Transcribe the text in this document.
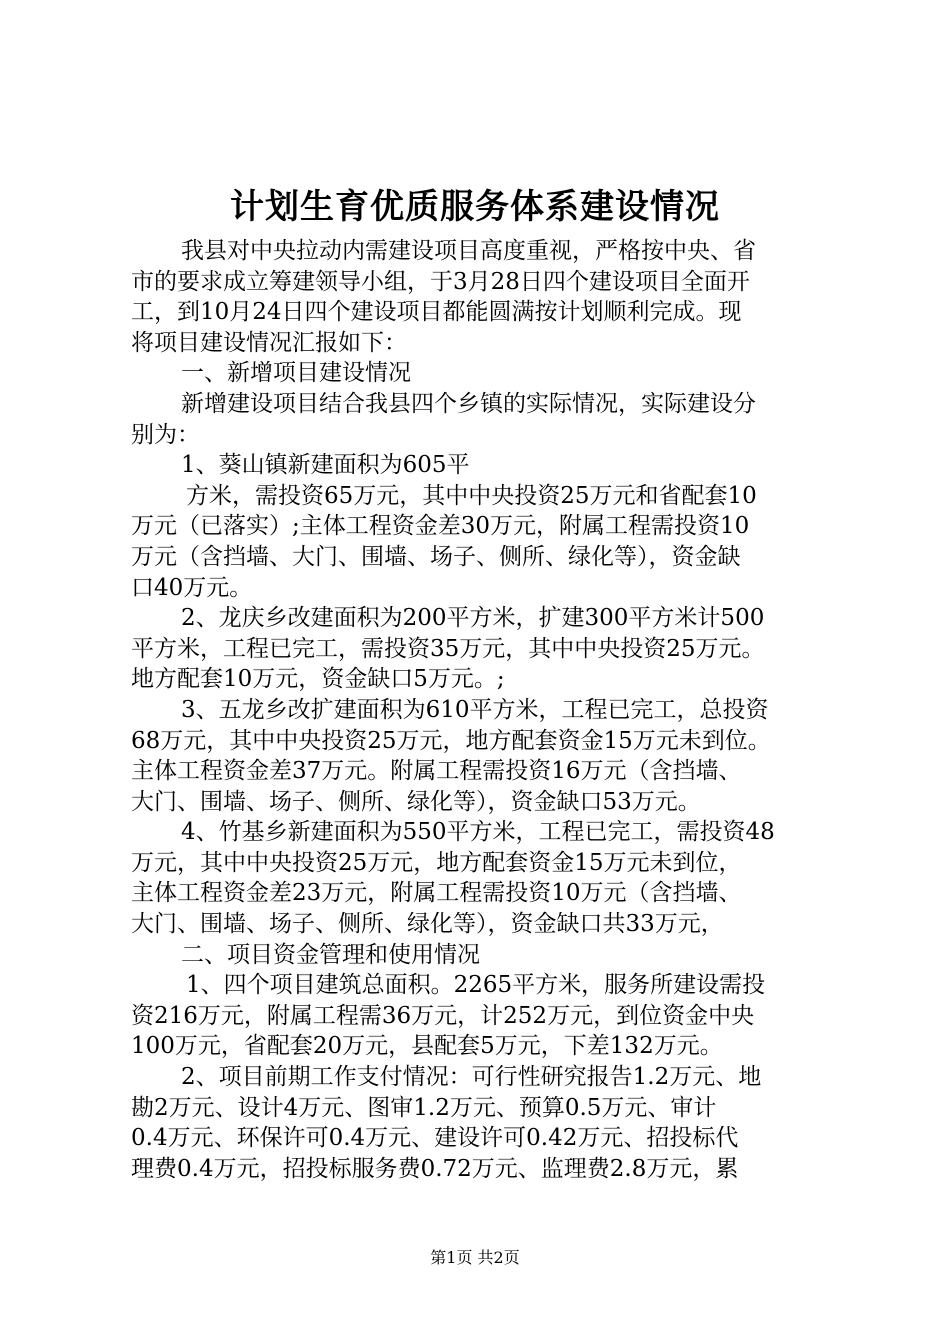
计划生育优质服务体系建设情况
我县对中央拉动内需建设项目高度重视，严格按中央、省
市的要求成立筹建领导小组，于3月28日四个建设项目全面开
工，到10月24日四个建设项目都能圆满按计划顺利完成。现
将项目建设情况汇报如下：
一、新增项目建设情况
新增建设项目结合我县四个乡镇的实际情况，实际建设分
别为：
1、葵山镇新建面积为605平
方米，需投资65万元，其中中央投资25万元和省配套10
万元（已落实）;主体工程资金差30万元，附属工程需投资10
万元（含挡墙、大门、围墙、场子、侧所、绿化等），资金缺
口40万元。
2、龙庆乡改建面积为200平方米，扩建300平方米计500
平方米，工程已完工，需投资35万元，其中中央投资25万元。
地方配套10万元，资金缺口5万元。;
3、五龙乡改扩建面积为610平方米，工程已完工，总投资
68万元，其中中央投资25万元，地方配套资金15万元未到位。
主体工程资金差37万元。附属工程需投资16万元（含挡墙、
大门、围墙、场子、侧所、绿化等），资金缺口53万元。
4、竹基乡新建面积为550平方米，工程已完工，需投资48
万元，其中中央投资25万元，地方配套资金15万元未到位，
主体工程资金差23万元，附属工程需投资10万元（含挡墙、
大门、围墙、场子、侧所、绿化等），资金缺口共33万元，
二、项目资金管理和使用情况
1、四个项目建筑总面积。2265平方米，服务所建设需投
资216万元，附属工程需36万元，计252万元，到位资金中央
100万元，省配套20万元，县配套5万元，下差132万元。
2、项目前期工作支付情况：可行性研究报告1.2万元、地
勘2万元、设计4万元、图审1.2万元、预算0.5万元、审计
0.4万元、环保许可0.4万元、建设许可0.42万元、招投标代
理费0.4万元，招投标服务费0.72万元、监理费2.8万元，累
第1页 共2页
